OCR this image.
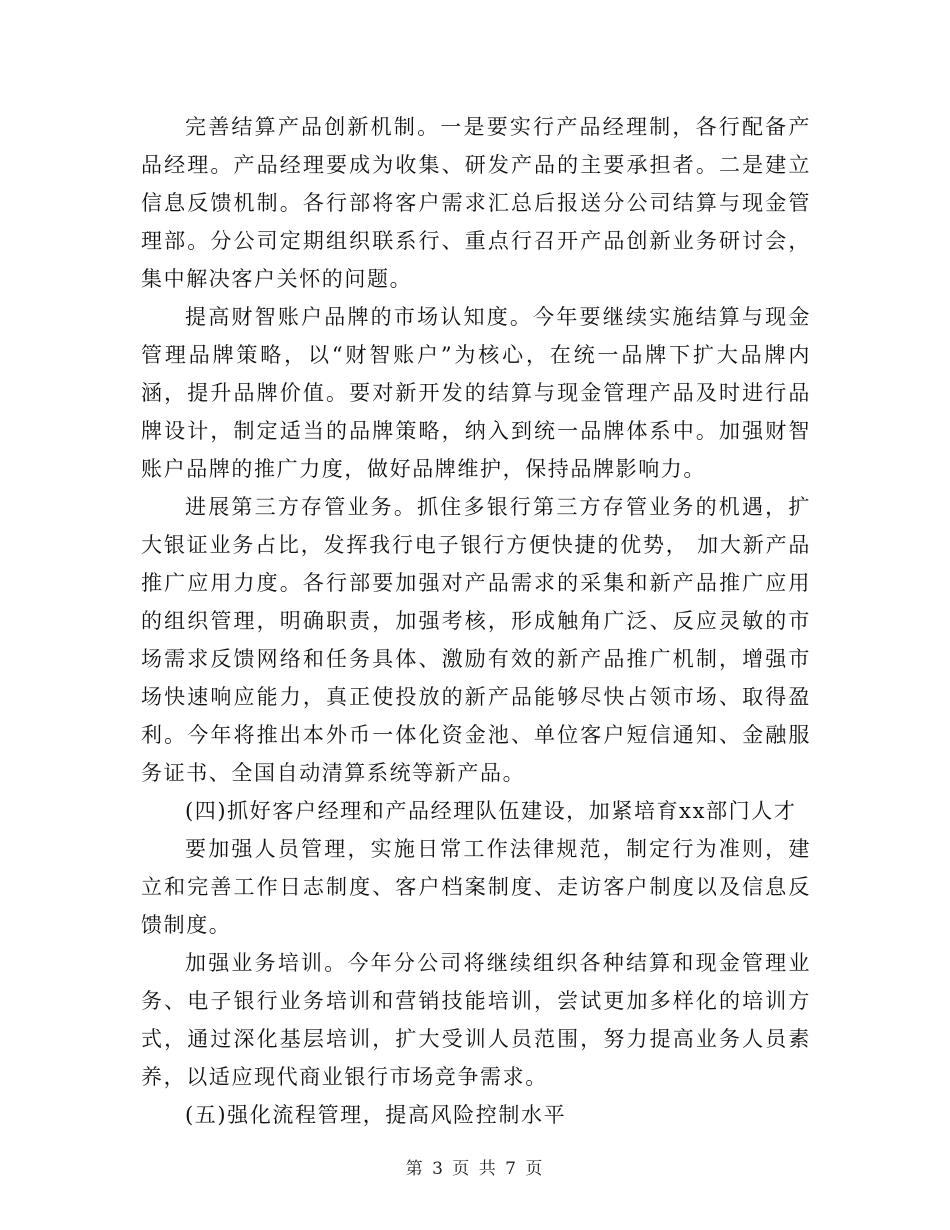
完善结算产品创新机制。一是要实行产品经理制，各行配备产品经理。产品经理要成为收集、研发产品的主要承担者。二是建立信息反馈机制。各行部将客户需求汇总后报送分公司结算与现金管理部。分公司定期组织联系行、重点行召开产品创新业务研讨会，集中解决客户关怀的问题。

提高财智账户品牌的市场认知度。今年要继续实施结算与现金管理品牌策略，以“财智账户”为核心，在统一品牌下扩大品牌内涵，提升品牌价值。要对新开发的结算与现金管理产品及时进行品牌设计，制定适当的品牌策略，纳入到统一品牌体系中。加强财智账户品牌的推广力度，做好品牌维护，保持品牌影响力。

进展第三方存管业务。抓住多银行第三方存管业务的机遇，扩大银证业务占比，发挥我行电子银行方便快捷的优势， 加大新产品推广应用力度。各行部要加强对产品需求的采集和新产品推广应用的组织管理，明确职责，加强考核，形成触角广泛、反应灵敏的市场需求反馈网络和任务具体、激励有效的新产品推广机制，增强市场快速响应能力，真正使投放的新产品能够尽快占领市场、取得盈利。今年将推出本外币一体化资金池、单位客户短信通知、金融服务证书、全国自动清算系统等新产品。

(四)抓好客户经理和产品经理队伍建设，加紧培育xx部门人才

要加强人员管理，实施日常工作法律规范，制定行为准则，建立和完善工作日志制度、客户档案制度、走访客户制度以及信息反馈制度。

加强业务培训。今年分公司将继续组织各种结算和现金管理业务、电子银行业务培训和营销技能培训，尝试更加多样化的培训方式，通过深化基层培训，扩大受训人员范围，努力提高业务人员素养，以适应现代商业银行市场竞争需求。

(五)强化流程管理，提高风险控制水平

第 3 页 共 7 页
